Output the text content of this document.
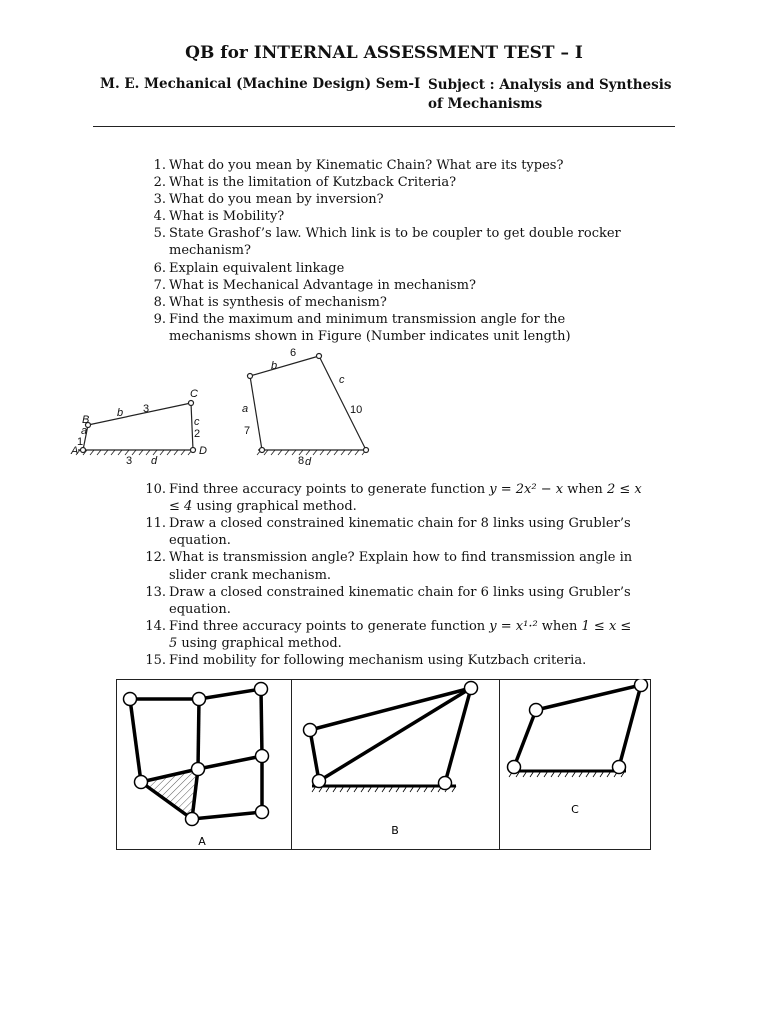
QB for INTERNAL ASSESSMENT TEST – I
M. E. Mechanical (Machine Design) Sem-I Subject : Analysis and Synthesis
of Mechanisms
1. What do you mean by Kinematic Chain? What are its types?
2. What is the limitation of Kutzback Criteria?
3. What do you mean by inversion?
4. What is Mobility?
5. State Grashof’s law. Which link is to be coupler to get double rocker mechanism?
6. Explain equivalent linkage
7. What is Mechanical Advantage in mechanism?
8. What is synthesis of mechanism?
9. Find the maximum and minimum transmission angle for the mechanisms shown in Figure (Number indicates unit length)
A
B
C
D
a
b
c
d
1
3
2
3
a
b
c
d
7
6
10
8
10. Find three accuracy points to generate function y = 2x² − x when 2 ≤ x ≤ 4 using graphical method.
11. Draw a closed constrained kinematic chain for 8 links using Grubler’s equation.
12. What is transmission angle? Explain how to find transmission angle in slider crank mechanism.
13. Draw a closed constrained kinematic chain for 6 links using Grubler’s equation.
14. Find three accuracy points to generate function y = x¹·² when 1 ≤ x ≤ 5 using graphical method.
15. Find mobility for following mechanism using Kutzbach criteria.
A
B
C
